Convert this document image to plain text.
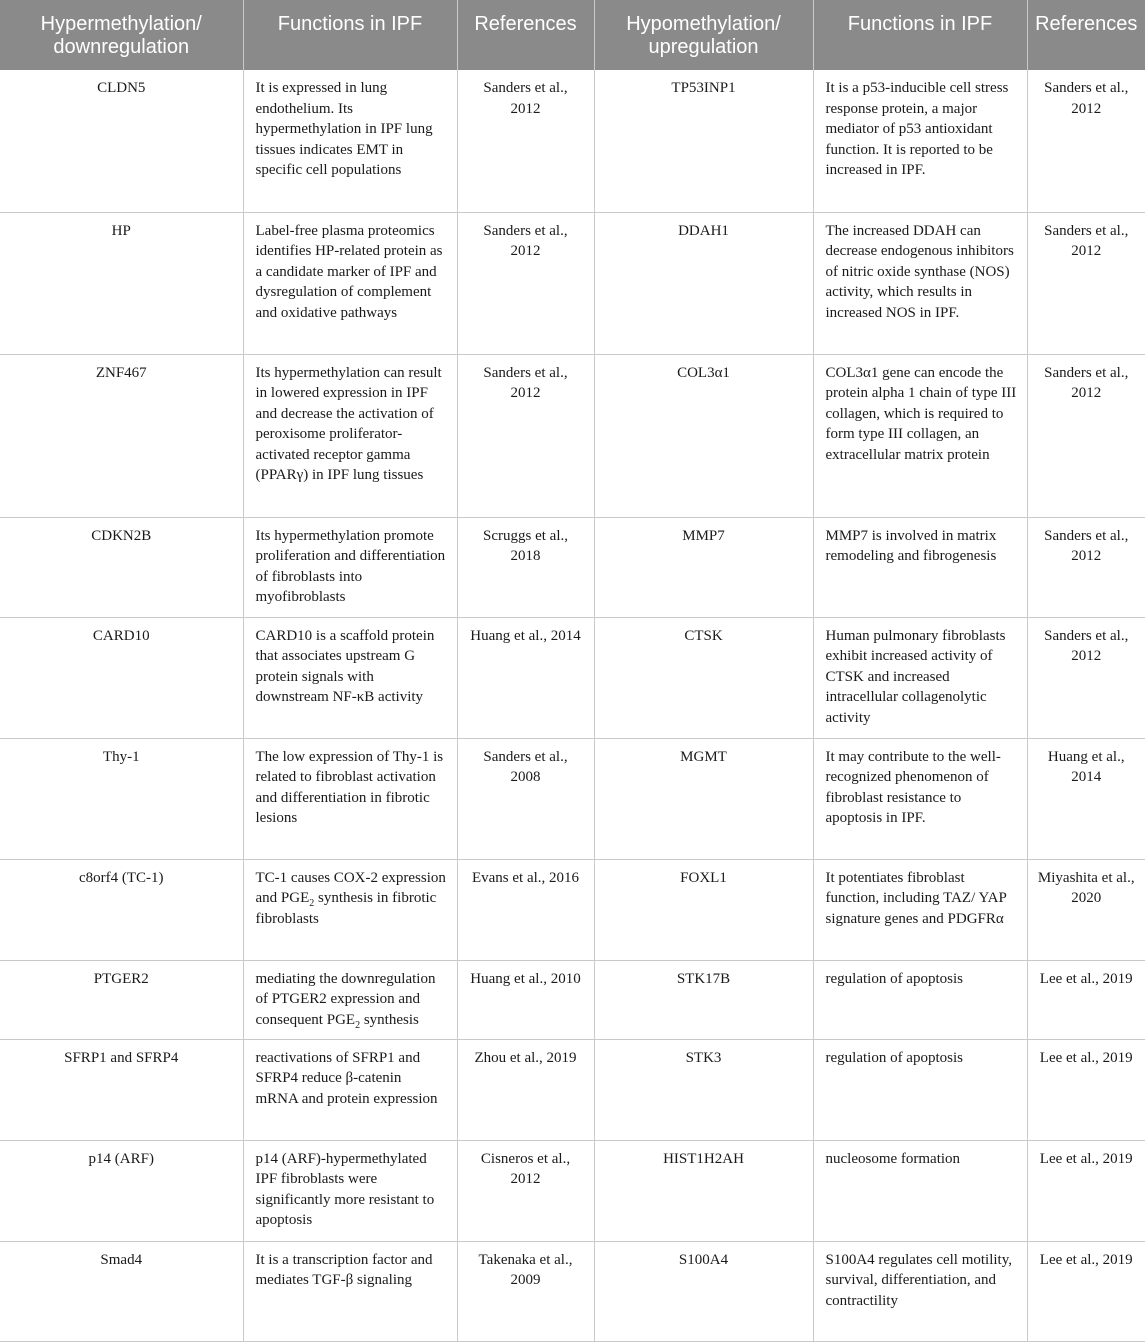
Hypermethylation/ downregulation	Functions in IPF	References	Hypomethylation/ upregulation	Functions in IPF	References
CLDN5	It is expressed in lung endothelium. Its hypermethylation in IPF lung tissues indicates EMT in specific cell populations	Sanders et al., 2012	TP53INP1	It is a p53-inducible cell stress response protein, a major mediator of p53 antioxidant function. It is reported to be increased in IPF.	Sanders et al., 2012
HP	Label-free plasma proteomics identifies HP-related protein as a candidate marker of IPF and dysregulation of complement and oxidative pathways	Sanders et al., 2012	DDAH1	The increased DDAH can decrease endogenous inhibitors of nitric oxide synthase (NOS) activity, which results in increased NOS in IPF.	Sanders et al., 2012
ZNF467	Its hypermethylation can result in lowered expression in IPF and decrease the activation of peroxisome proliferator-activated receptor gamma (PPARγ) in IPF lung tissues	Sanders et al., 2012	COL3α1	COL3α1 gene can encode the protein alpha 1 chain of type III collagen, which is required to form type III collagen, an extracellular matrix protein	Sanders et al., 2012
CDKN2B	Its hypermethylation promote proliferation and differentiation of fibroblasts into myofibroblasts	Scruggs et al., 2018	MMP7	MMP7 is involved in matrix remodeling and fibrogenesis	Sanders et al., 2012
CARD10	CARD10 is a scaffold protein that associates upstream G protein signals with downstream NF-κB activity	Huang et al., 2014	CTSK	Human pulmonary fibroblasts exhibit increased activity of CTSK and increased intracellular collagenolytic activity	Sanders et al., 2012
Thy-1	The low expression of Thy-1 is related to fibroblast activation and differentiation in fibrotic lesions	Sanders et al., 2008	MGMT	It may contribute to the well-recognized phenomenon of fibroblast resistance to apoptosis in IPF.	Huang et al., 2014
c8orf4 (TC-1)	TC-1 causes COX-2 expression and $PGE_2$ synthesis in fibrotic fibroblasts	Evans et al., 2016	FOXL1	It potentiates fibroblast function, including TAZ/ YAP signature genes and PDGFRα	Miyashita et al., 2020
PTGER2	mediating the downregulation of PTGER2 expression and consequent $PGE_2$ synthesis	Huang et al., 2010	STK17B	regulation of apoptosis	Lee et al., 2019
SFRP1 and SFRP4	reactivations of SFRP1 and SFRP4 reduce β-catenin mRNA and protein expression	Zhou et al., 2019	STK3	regulation of apoptosis	Lee et al., 2019
p14 (ARF)	p14 (ARF)-hypermethylated IPF fibroblasts were significantly more resistant to apoptosis	Cisneros et al., 2012	HIST1H2AH	nucleosome formation	Lee et al., 2019
Smad4	It is a transcription factor and mediates TGF-β signaling	Takenaka et al., 2009	S100A4	S100A4 regulates cell motility, survival, differentiation, and contractility	Lee et al., 2019
